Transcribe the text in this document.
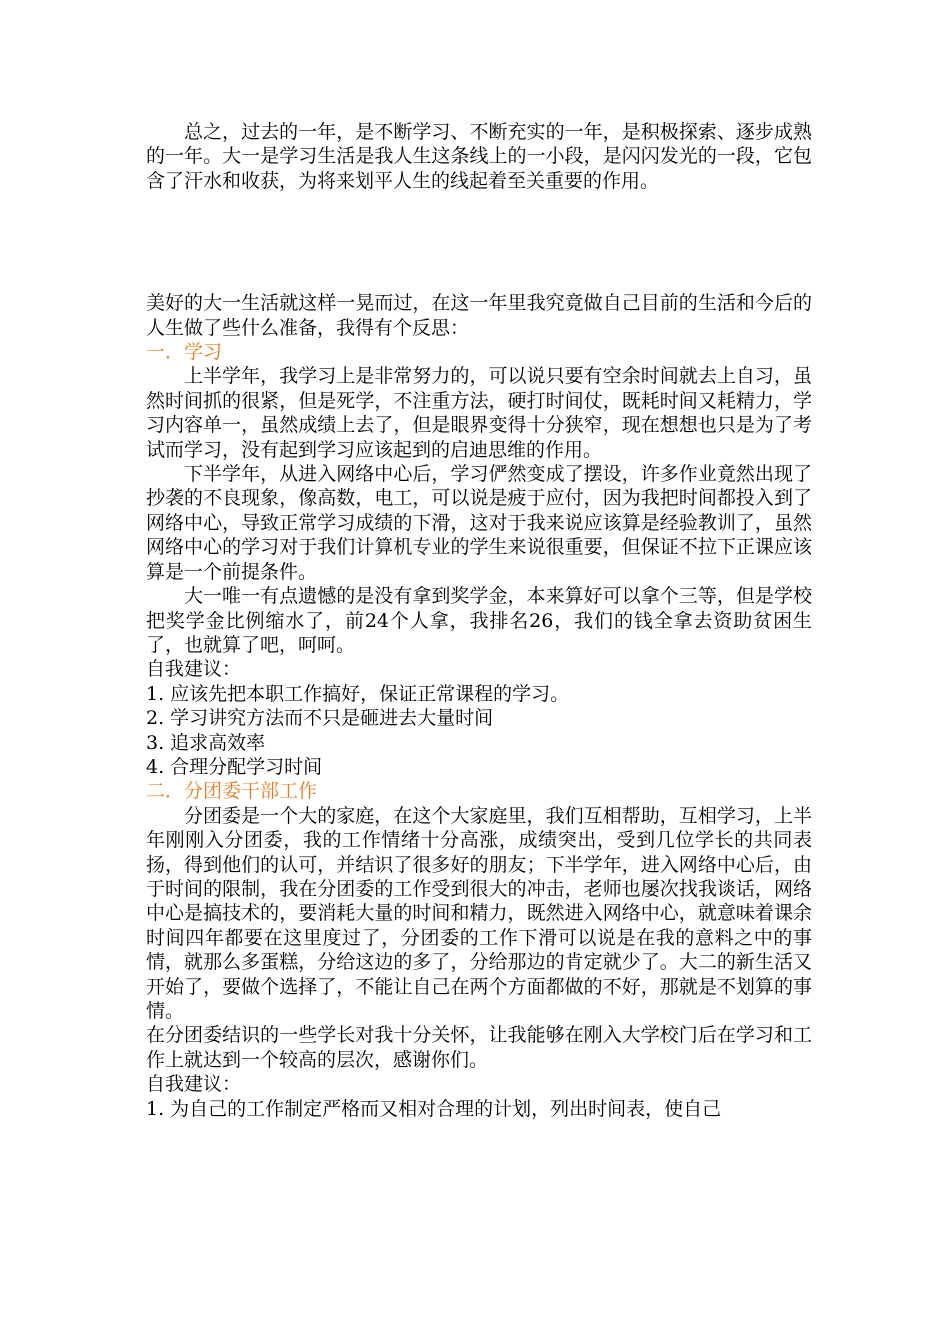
总之，过去的一年，是不断学习、不断充实的一年，是积极探索、逐步成熟的一年。大一是学习生活是我人生这条线上的一小段，是闪闪发光的一段，它包含了汗水和收获，为将来划平人生的线起着至关重要的作用。

美好的大一生活就这样一晃而过，在这一年里我究竟做自己目前的生活和今后的人生做了些什么准备，我得有个反思：

一．学习

上半学年，我学习上是非常努力的，可以说只要有空余时间就去上自习，虽然时间抓的很紧，但是死学，不注重方法，硬打时间仗，既耗时间又耗精力，学习内容单一，虽然成绩上去了，但是眼界变得十分狭窄，现在想想也只是为了考试而学习，没有起到学习应该起到的启迪思维的作用。

下半学年，从进入网络中心后，学习俨然变成了摆设，许多作业竟然出现了抄袭的不良现象，像高数，电工，可以说是疲于应付，因为我把时间都投入到了网络中心，导致正常学习成绩的下滑，这对于我来说应该算是经验教训了，虽然网络中心的学习对于我们计算机专业的学生来说很重要，但保证不拉下正课应该算是一个前提条件。

大一唯一有点遗憾的是没有拿到奖学金，本来算好可以拿个三等，但是学校把奖学金比例缩水了，前24个人拿，我排名26，我们的钱全拿去资助贫困生了，也就算了吧，呵呵。

自我建议：

1. 应该先把本职工作搞好，保证正常课程的学习。

2. 学习讲究方法而不只是砸进去大量时间

3. 追求高效率

4. 合理分配学习时间

二．分团委干部工作

分团委是一个大的家庭，在这个大家庭里，我们互相帮助，互相学习，上半年刚刚入分团委，我的工作情绪十分高涨，成绩突出，受到几位学长的共同表扬，得到他们的认可，并结识了很多好的朋友；下半学年，进入网络中心后，由于时间的限制，我在分团委的工作受到很大的冲击，老师也屡次找我谈话，网络中心是搞技术的，要消耗大量的时间和精力，既然进入网络中心，就意味着课余时间四年都要在这里度过了，分团委的工作下滑可以说是在我的意料之中的事情，就那么多蛋糕，分给这边的多了，分给那边的肯定就少了。大二的新生活又开始了，要做个选择了，不能让自己在两个方面都做的不好，那就是不划算的事情。

在分团委结识的一些学长对我十分关怀，让我能够在刚入大学校门后在学习和工作上就达到一个较高的层次，感谢你们。

自我建议：

1. 为自己的工作制定严格而又相对合理的计划，列出时间表，使自己
